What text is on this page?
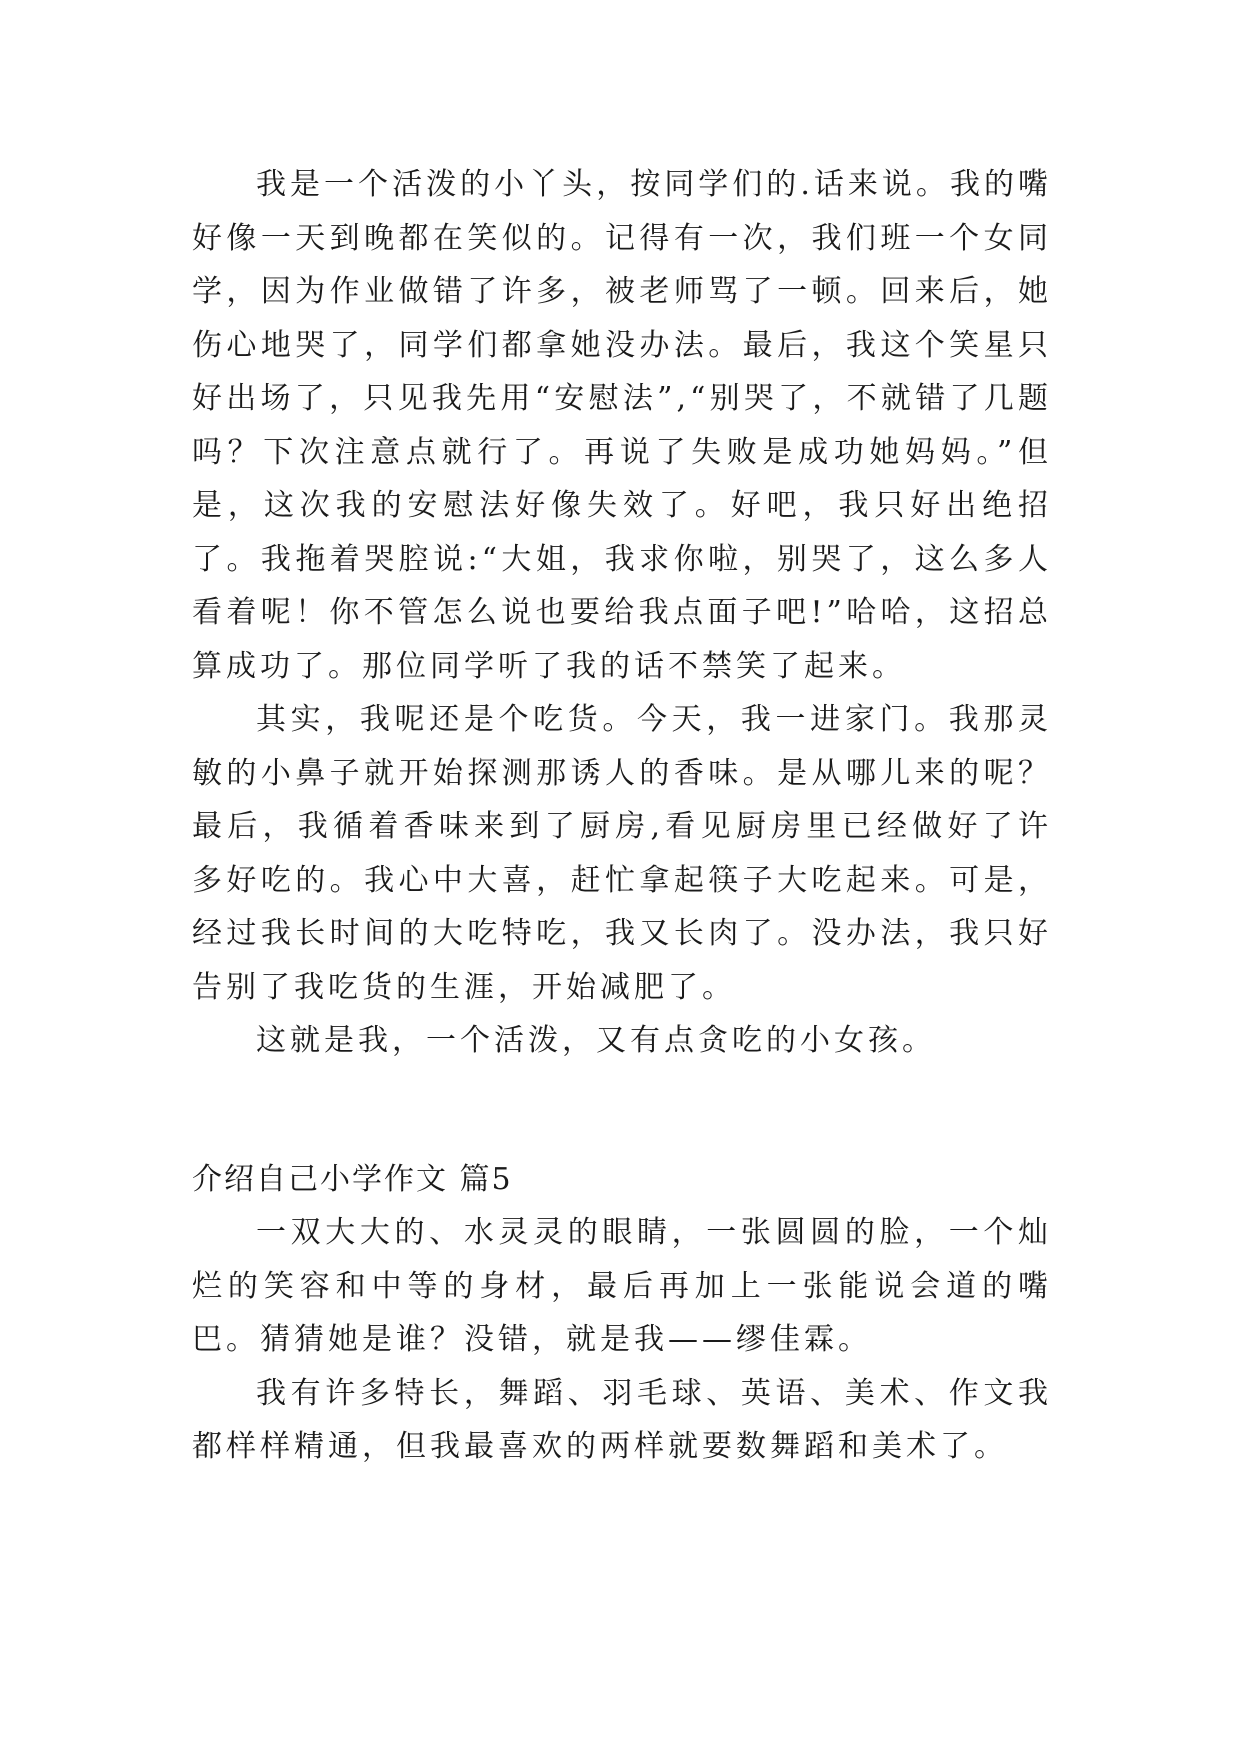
我是一个活泼的小丫头，按同学们的.话来说。我的嘴好像一天到晚都在笑似的。记得有一次，我们班一个女同学，因为作业做错了许多，被老师骂了一顿。回来后，她伤心地哭了，同学们都拿她没办法。最后，我这个笑星只好出场了，只见我先用“安慰法”,“别哭了，不就错了几题吗？下次注意点就行了。再说了失败是成功她妈妈。”但是，这次我的安慰法好像失效了。好吧，我只好出绝招了。我拖着哭腔说:“大姐，我求你啦，别哭了，这么多人看着呢！你不管怎么说也要给我点面子吧!”哈哈，这招总算成功了。那位同学听了我的话不禁笑了起来。

其实，我呢还是个吃货。今天，我一进家门。我那灵敏的小鼻子就开始探测那诱人的香味。是从哪儿来的呢？最后，我循着香味来到了厨房,看见厨房里已经做好了许多好吃的。我心中大喜，赶忙拿起筷子大吃起来。可是，经过我长时间的大吃特吃，我又长肉了。没办法，我只好告别了我吃货的生涯，开始减肥了。

这就是我，一个活泼，又有点贪吃的小女孩。

介绍自己小学作文 篇5

一双大大的、水灵灵的眼睛，一张圆圆的脸，一个灿烂的笑容和中等的身材，最后再加上一张能说会道的嘴巴。猜猜她是谁？没错，就是我——缪佳霖。

我有许多特长，舞蹈、羽毛球、英语、美术、作文我都样样精通，但我最喜欢的两样就要数舞蹈和美术了。
